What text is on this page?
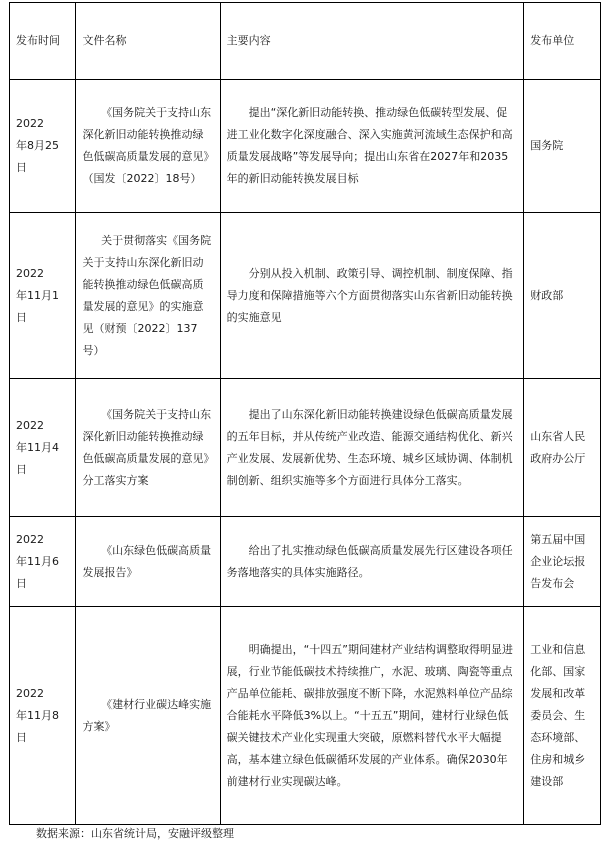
发布时间	文件名称	主要内容	发布单位

2022
年8月25日	《国务院关于支持山东深化新旧动能转换推动绿色低碳高质量发展的意见》（国发〔2022〕18号）	提出“深化新旧动能转换、推动绿色低碳转型发展、促进工业化数字化深度融合、深入实施黄河流域生态保护和高质量发展战略”等发展导向；提出山东省在2027年和2035年的新旧动能转换发展目标	国务院

2022
年11月1日	关于贯彻落实《国务院关于支持山东深化新旧动能转换推动绿色低碳高质量发展的意见》的实施意见（财预〔2022〕137号）	分别从投入机制、政策引导、调控机制、制度保障、指导力度和保障措施等六个方面贯彻落实山东省新旧动能转换的实施意见	财政部

2022
年11月4日	《国务院关于支持山东深化新旧动能转换推动绿色低碳高质量发展的意见》分工落实方案	提出了山东深化新旧动能转换建设绿色低碳高质量发展的五年目标，并从传统产业改造、能源交通结构优化、新兴产业发展、发展新优势、生态环境、城乡区域协调、体制机制创新、组织实施等多个方面进行具体分工落实。	山东省人民政府办公厅

2022
年11月6日	《山东绿色低碳高质量发展报告》	给出了扎实推动绿色低碳高质量发展先行区建设各项任务落地落实的具体实施路径。	第五届中国企业论坛报告发布会

2022
年11月8日	《建材行业碳达峰实施方案》	明确提出，“十四五”期间建材产业结构调整取得明显进展，行业节能低碳技术持续推广，水泥、玻璃、陶瓷等重点产品单位能耗、碳排放强度不断下降，水泥熟料单位产品综合能耗水平降低3%以上。“十五五”期间，建材行业绿色低碳关键技术产业化实现重大突破，原燃料替代水平大幅提高，基本建立绿色低碳循环发展的产业体系。确保2030年前建材行业实现碳达峰。	工业和信息化部、国家发展和改革委员会、生态环境部、住房和城乡建设部
数据来源：山东省统计局，安融评级整理
